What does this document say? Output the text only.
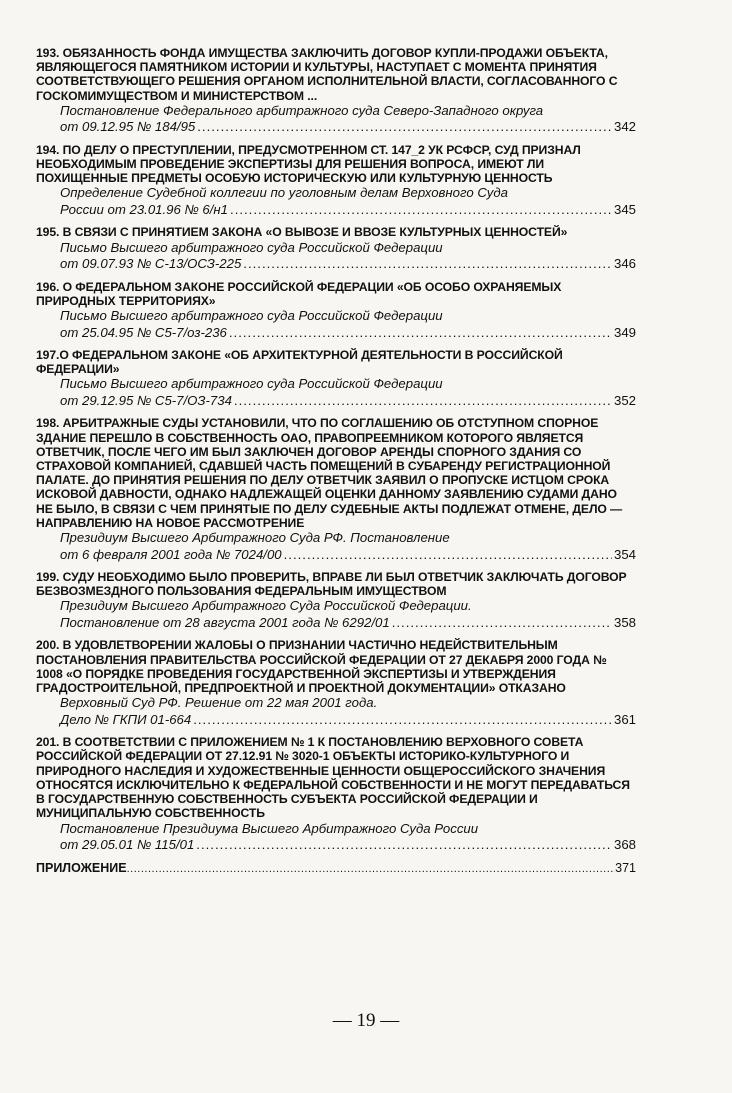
193. ОБЯЗАННОСТЬ ФОНДА ИМУЩЕСТВА ЗАКЛЮЧИТЬ ДОГОВОР КУПЛИ-ПРОДАЖИ ОБЪЕКТА, ЯВЛЯЮЩЕГОСЯ ПАМЯТНИКОМ ИСТОРИИ И КУЛЬТУРЫ, НАСТУПАЕТ С МОМЕНТА ПРИНЯТИЯ СООТВЕТСТВУЮЩЕГО РЕШЕНИЯ ОРГАНОМ ИСПОЛНИТЕЛЬНОЙ ВЛАСТИ, СОГЛАСОВАННОГО С ГОСКОМИМУЩЕСТВОМ И МИНИСТЕРСТВОМ ...
Постановление Федерального арбитражного суда Северо-Западного округа
от 09.12.95 № 184/95 .....	342
194. ПО ДЕЛУ О ПРЕСТУПЛЕНИИ, ПРЕДУСМОТРЕННОМ СТ. 147_2 УК РСФСР, СУД ПРИЗНАЛ НЕОБХОДИМЫМ ПРОВЕДЕНИЕ ЭКСПЕРТИЗЫ ДЛЯ РЕШЕНИЯ ВОПРОСА, ИМЕЮТ ЛИ ПОХИЩЕННЫЕ ПРЕДМЕТЫ ОСОБУЮ ИСТОРИЧЕСКУЮ ИЛИ КУЛЬТУРНУЮ ЦЕННОСТЬ
Определение Судебной коллегии по уголовным делам Верховного Суда
России от 23.01.96 № 6/н1 .....	345
195. В СВЯЗИ С ПРИНЯТИЕМ ЗАКОНА «О ВЫВОЗЕ И ВВОЗЕ КУЛЬТУРНЫХ ЦЕННОСТЕЙ»
Письмо Высшего арбитражного суда Российской Федерации
от 09.07.93 № С-13/ОСЗ-225 .....	346
196. О ФЕДЕРАЛЬНОМ ЗАКОНЕ РОССИЙСКОЙ ФЕДЕРАЦИИ «ОБ ОСОБО ОХРАНЯЕМЫХ ПРИРОДНЫХ ТЕРРИТОРИЯХ»
Письмо Высшего арбитражного суда Российской Федерации
от 25.04.95 № С5-7/оз-236 .....	349
197.О ФЕДЕРАЛЬНОМ ЗАКОНЕ «ОБ АРХИТЕКТУРНОЙ ДЕЯТЕЛЬНОСТИ В РОССИЙСКОЙ ФЕДЕРАЦИИ»
Письмо Высшего арбитражного суда Российской Федерации
от 29.12.95 № С5-7/ОЗ-734 .....	352
198. АРБИТРАЖНЫЕ СУДЫ УСТАНОВИЛИ, ЧТО ПО СОГЛАШЕНИЮ ОБ ОТСТУПНОМ СПОРНОЕ ЗДАНИЕ ПЕРЕШЛО В СОБСТВЕННОСТЬ ОАО, ПРАВОПРЕЕМНИКОМ КОТОРОГО ЯВЛЯЕТСЯ ОТВЕТЧИК, ПОСЛЕ ЧЕГО ИМ БЫЛ ЗАКЛЮЧЕН ДОГОВОР АРЕНДЫ СПОРНОГО ЗДАНИЯ СО СТРАХОВОЙ КОМПАНИЕЙ, СДАВШЕЙ ЧАСТЬ ПОМЕЩЕНИЙ В СУБАРЕНДУ РЕГИСТРАЦИОННОЙ ПАЛАТЕ. ДО ПРИНЯТИЯ РЕШЕНИЯ ПО ДЕЛУ ОТВЕТЧИК ЗАЯВИЛ О ПРОПУСКЕ ИСТЦОМ СРОКА ИСКОВОЙ ДАВНОСТИ, ОДНАКО НАДЛЕЖАЩЕЙ ОЦЕНКИ ДАННОМУ ЗАЯВЛЕНИЮ СУДАМИ ДАНО НЕ БЫЛО, В СВЯЗИ С ЧЕМ ПРИНЯТЫЕ ПО ДЕЛУ СУДЕБНЫЕ АКТЫ ПОДЛЕЖАТ ОТМЕНЕ, ДЕЛО — НАПРАВЛЕНИЮ НА НОВОЕ РАССМОТРЕНИЕ
Президиум Высшего Арбитражного Суда РФ. Постановление
от 6 февраля 2001 года № 7024/00 .....	354
199. СУДУ НЕОБХОДИМО БЫЛО ПРОВЕРИТЬ, ВПРАВЕ ЛИ БЫЛ ОТВЕТЧИК ЗАКЛЮЧАТЬ ДОГОВОР БЕЗВОЗМЕЗДНОГО ПОЛЬЗОВАНИЯ ФЕДЕРАЛЬНЫМ ИМУЩЕСТВОМ
Президиум Высшего Арбитражного Суда Российской Федерации.
Постановление от 28 августа 2001 года № 6292/01 .....	358
200. В УДОВЛЕТВОРЕНИИ ЖАЛОБЫ О ПРИЗНАНИИ ЧАСТИЧНО НЕДЕЙСТВИТЕЛЬНЫМ ПОСТАНОВЛЕНИЯ ПРАВИТЕЛЬСТВА РОССИЙСКОЙ ФЕДЕРАЦИИ ОТ 27 ДЕКАБРЯ 2000 ГОДА № 1008 «О ПОРЯДКЕ ПРОВЕДЕНИЯ ГОСУДАРСТВЕННОЙ ЭКСПЕРТИЗЫ И УТВЕРЖДЕНИЯ ГРАДОСТРОИТЕЛЬНОЙ, ПРЕДПРОЕКТНОЙ И ПРОЕКТНОЙ ДОКУМЕНТАЦИИ» ОТКАЗАНО
Верховный Суд РФ. Решение от 22 мая 2001 года.
Дело № ГКПИ 01-664 .....	361
201. В СООТВЕТСТВИИ С ПРИЛОЖЕНИЕМ № 1 К ПОСТАНОВЛЕНИЮ ВЕРХОВНОГО СОВЕТА РОССИЙСКОЙ ФЕДЕРАЦИИ ОТ 27.12.91 № 3020-1 ОБЪЕКТЫ ИСТОРИКО-КУЛЬТУРНОГО И ПРИРОДНОГО НАСЛЕДИЯ И ХУДОЖЕСТВЕННЫЕ ЦЕННОСТИ ОБЩЕРОССИЙСКОГО ЗНАЧЕНИЯ ОТНОСЯТСЯ ИСКЛЮЧИТЕЛЬНО К ФЕДЕРАЛЬНОЙ СОБСТВЕННОСТИ И НЕ МОГУТ ПЕРЕДАВАТЬСЯ В ГОСУДАРСТВЕННУЮ СОБСТВЕННОСТЬ СУБЪЕКТА РОССИЙСКОЙ ФЕДЕРАЦИИ И МУНИЦИПАЛЬНУЮ СОБСТВЕННОСТЬ
Постановление Президиума Высшего Арбитражного Суда России
от 29.05.01 № 115/01 .....	368
ПРИЛОЖЕНИЕ .....	371
— 19 —
